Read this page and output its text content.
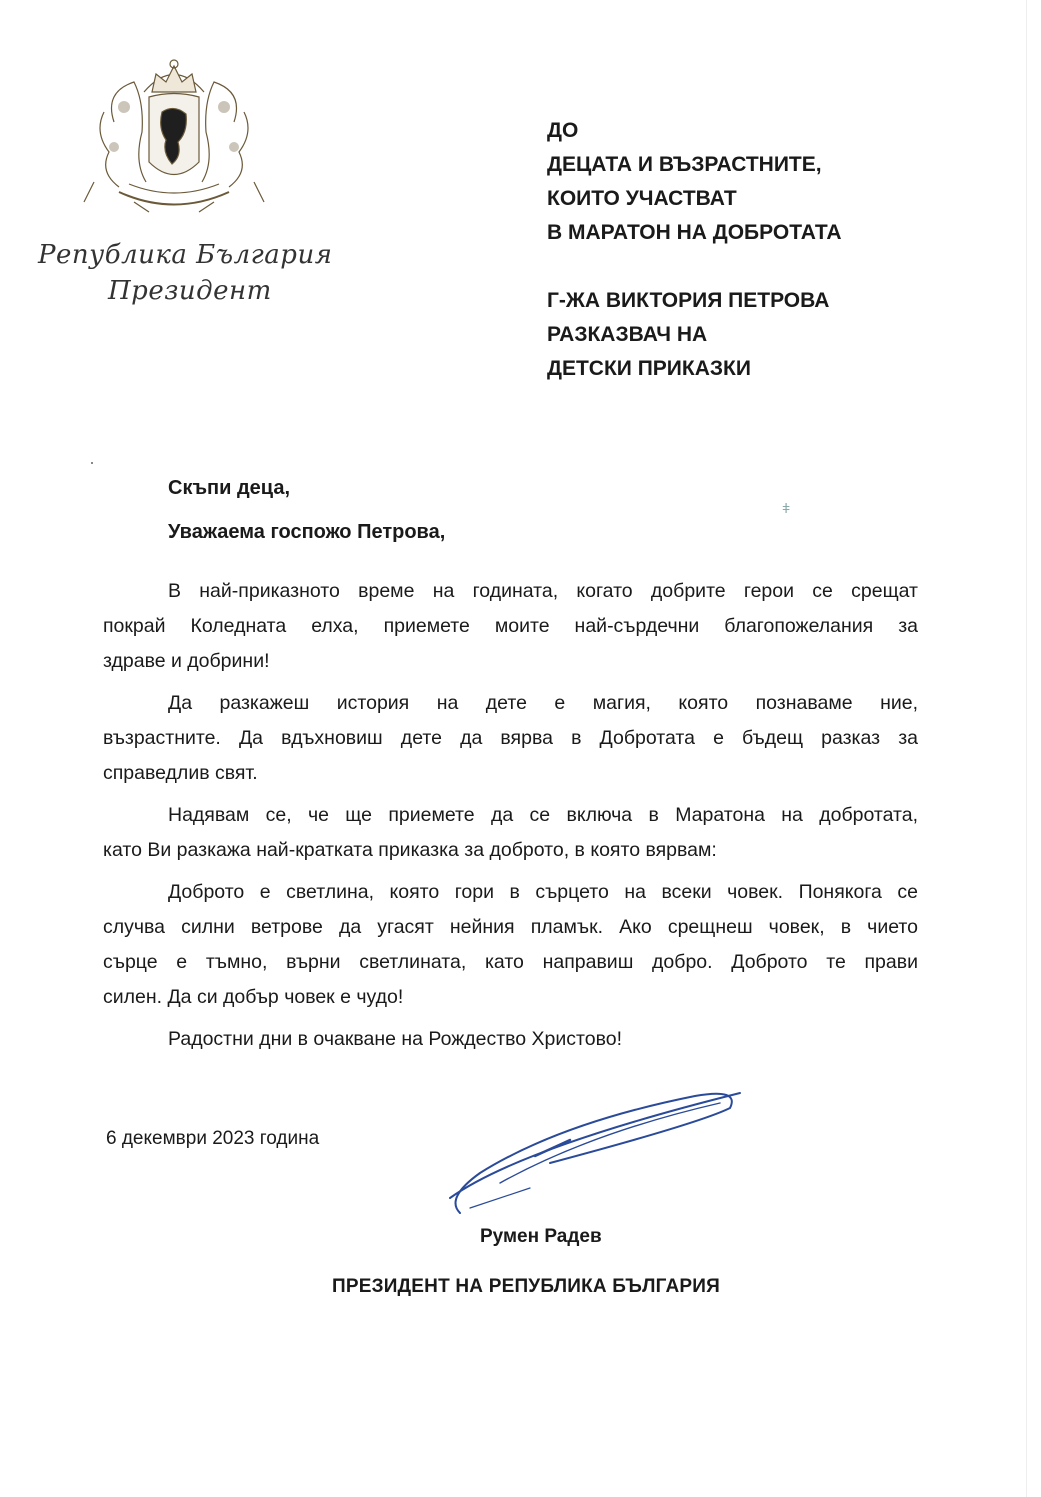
Република България
Президент
ДО
ДЕЦАТА И ВЪЗРАСТНИТЕ,
КОИТО УЧАСТВАТ
В МАРАТОН НА ДОБРОТАТА
Г-ЖА ВИКТОРИЯ ПЕТРОВА
РАЗКАЗВАЧ НА
ДЕТСКИ ПРИКАЗКИ
ǂ
Скъпи деца,
Уважаема госпожо Петрова,
В най-приказното време на годината, когато добрите герои се срещат
покрай Коледната елха, приемете моите най-сърдечни благопожелания за
здраве и добрини!
Да разкажеш история на дете е магия, която познаваме ние,
възрастните. Да вдъхновиш дете да вярва в Добротата е бъдещ разказ за
справедлив свят.
Надявам се, че ще приемете да се включа в Маратона на добротата,
като Ви разкажа най-кратката приказка за доброто, в която вярвам:
Доброто е светлина, която гори в сърцето на всеки човек. Понякога се
случва силни ветрове да угасят нейния пламък. Ако срещнеш човек, в чието
сърце е тъмно, върни светлината, като направиш добро. Доброто те прави
силен. Да си добър човек е чудо!
Радостни дни в очакване на Рождество Христово!
6 декември 2023 година
Румен Радев
ПРЕЗИДЕНТ НА РЕПУБЛИКА БЪЛГАРИЯ
